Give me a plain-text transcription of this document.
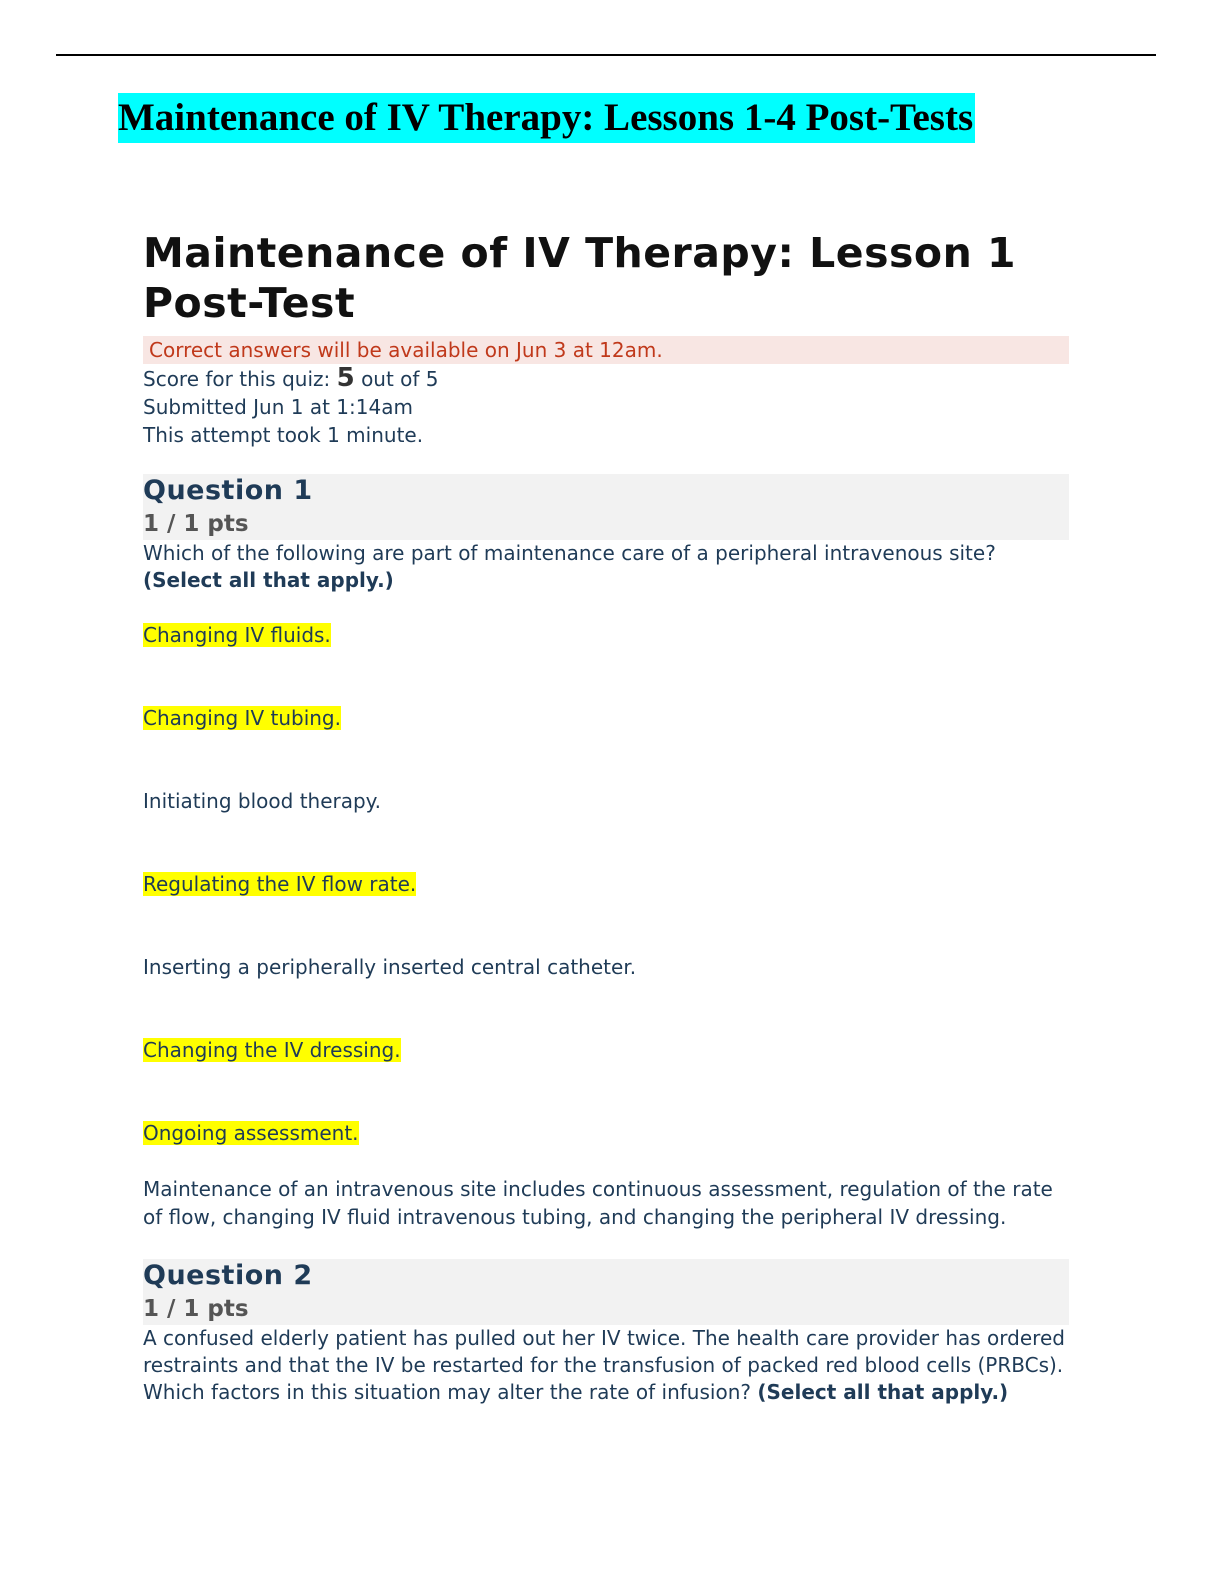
Maintenance of IV Therapy: Lessons 1-4 Post-Tests
Maintenance of IV Therapy: Lesson 1
Post-Test
Correct answers will be available on Jun 3 at 12am.
Score for this quiz: 5 out of 5
Submitted Jun 1 at 1:14am
This attempt took 1 minute.
Question 1
1 / 1 pts
Which of the following are part of maintenance care of a peripheral intravenous site? (Select all that apply.)
Changing IV fluids.
Changing IV tubing.
Initiating blood therapy.
Regulating the IV flow rate.
Inserting a peripherally inserted central catheter.
Changing the IV dressing.
Ongoing assessment.
Maintenance of an intravenous site includes continuous assessment, regulation of the rate of flow, changing IV fluid intravenous tubing, and changing the peripheral IV dressing.
Question 2
1 / 1 pts
A confused elderly patient has pulled out her IV twice. The health care provider has ordered restraints and that the IV be restarted for the transfusion of packed red blood cells (PRBCs). Which factors in this situation may alter the rate of infusion? (Select all that apply.)
